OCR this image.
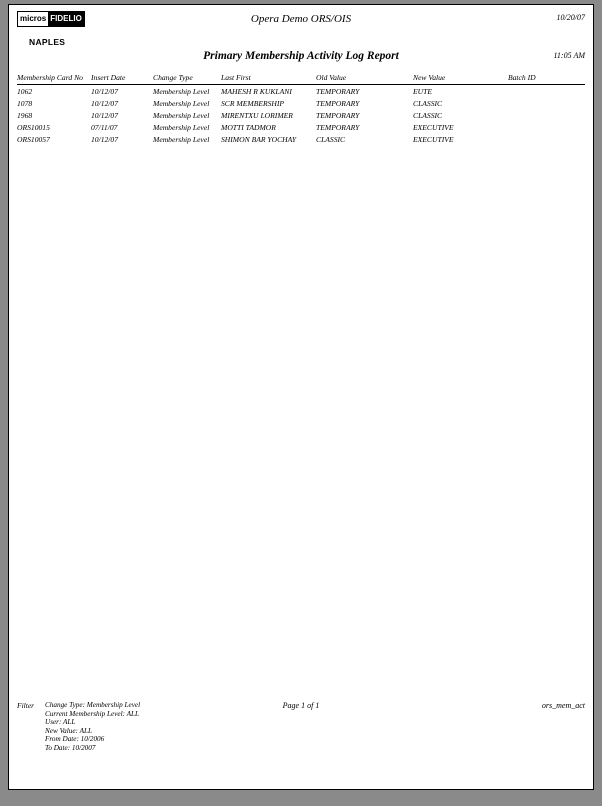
micros FIDELIO
NAPLES
Opera Demo ORS/OIS	10/20/07
Primary Membership Activity Log Report	11:05 AM
Membership Card No	Insert Date	Change Type	Last First	Old Value	New Value	Batch ID
1062	10/12/07	Membership Level	MAHESH R KUKLANI	TEMPORARY	EUTE	
1078	10/12/07	Membership Level	SCR MEMBERSHIP	TEMPORARY	CLASSIC	
1968	10/12/07	Membership Level	MIRENTXU LORIMER	TEMPORARY	CLASSIC	
ORS10015	07/11/07	Membership Level	MOTTI TADMOR	TEMPORARY	EXECUTIVE	
ORS10057	10/12/07	Membership Level	SHIMON BAR YOCHAY	CLASSIC	EXECUTIVE	
Filter Change Type: Membership Level
Current Membership Level: ALL
User: ALL
New Value: ALL
From Date: 10/2006
To Date: 10/2007
Page 1 of 1	ors_mem_act
